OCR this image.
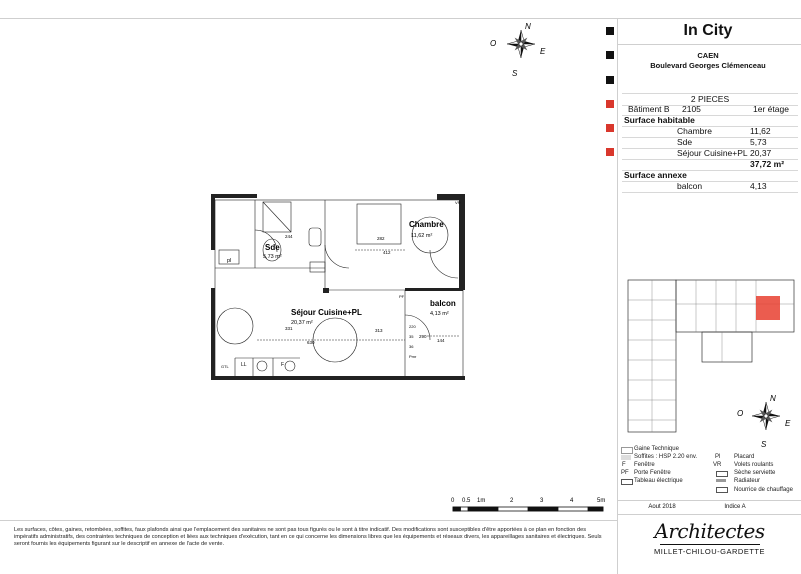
In City
CAEN
Boulevard Georges Clémenceau
2 PIECES
Bâtiment B 2105	1er étage
Surface habitable
Chambre	11,62
Sde	5,73
Séjour Cuisine+PL 20,37
37,72 m²
Surface annexe
balcon	4,13
N
E
S
O
Sde
5,73 m²
Chambre
11,62 m²
Séjour Cuisine+PL
20,37 m²
balcon
4,13 m²
pl
GTL LL	F
PF
VR
244	282
412
331
630
313
290
144
35
36
220
Pmr
N
E
S
O
Gaine Technique
Soffites : HSP 2.20 env.
F Fenêtre
PF Porte Fenêtre
Tableau électrique
Pl Placard
VR Volets roulants
Sèche serviette
Radiateur
Nourrice de chauffage
0 0.5 1m	2	3	4	5m
Aout 2018	Indice A
Architectes
MILLET-CHILOU-GARDETTE
Les surfaces, côtes, gaines, retombées, soffites, faux plafonds ainsi que l'emplacement des sanitaires ne sont pas tous figurés ou le sont à titre indicatif. Des modifications sont susceptibles d'être apportées à ce plan en fonction des impératifs administratifs, des contraintes techniques de conception et liées aux techniques d'exécution, tant en ce qui concerne les dimensions libres que les équipements et réseaux divers, les appareillages sanitaires et électriques. Seuls seront fournis les équipements figurant sur le descriptif en annexe de l'acte de vente.
